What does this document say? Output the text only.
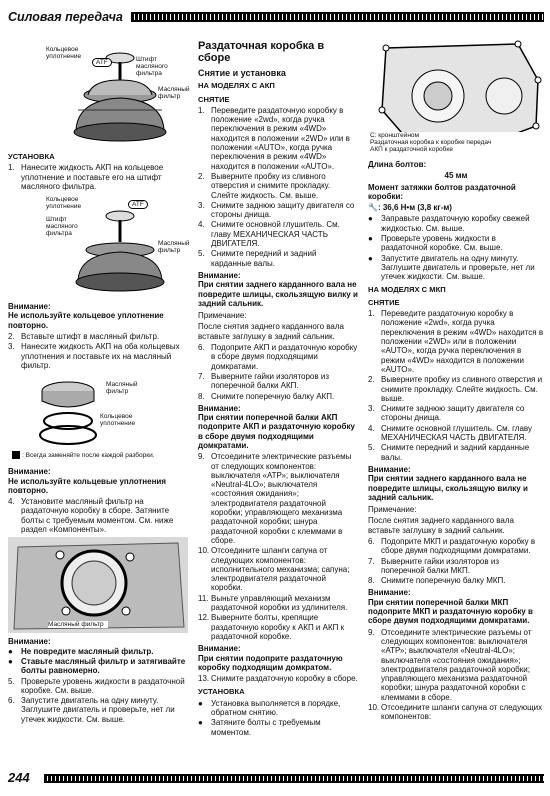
Силовая передача
Кольцевое уплотнение	Штифт масляного фильтра
Масляный фильтр
ATF
УСТАНОВКА
1. Нанесите жидкость АКП на кольцевое уплотнение и поставьте его на штифт масляного фильтра.
Кольцевое уплотнение
Штифт масляного фильтра
Масляный фильтр
ATF
Внимание:

Не используйте кольцевое уплотнение повторно.

2. Вставьте штифт в масляный фильтр.
3. Нанесите жидкость АКП на оба кольцевых уплотнения и поставьте их на масляный фильтр.
Масляный фильтр
Кольцевое уплотнение
: Всегда заменяйте после каждой разборки.
Внимание:

Не используйте кольцевые уплотнения повторно.

4. Установите масляный фильтр на раздаточную коробку в сборе. Затяните болты с требуемым моментом. См. ниже раздел «Компоненты».
Масляный фильтр
Внимание:
●	Не повредите масляный фильтр.
●	Ставьте масляный фильтр и затягивайте болты равномерно.
5. Проверьте уровень жидкости в раздаточной коробке. См. выше.
6. Запустите двигатель на одну минуту. Заглушите двигатель и проверьте, нет ли утечек жидкости. См. выше.
Раздаточная коробка в сборе
Снятие и установка
НА МОДЕЛЯХ С АКП
СНЯТИЕ
1. Переведите раздаточную коробку в положение «2wd», когда ручка переключения в режим «4WD» находится в положении «2WD» или в положении «AUTO», когда ручка переключения в режим «4WD» находится в положении «AUTO».
2. Выверните пробку из сливного отверстия и снимите прокладку. Слейте жидкость. См. выше.
3. Снимите заднюю защиту двигателя со стороны днища.
4. Снимите основной глушитель. См. главу МЕХАНИЧЕСКАЯ ЧАСТЬ ДВИГАТЕЛЯ.
5. Снимите передний и задний карданные валы.
Внимание:

При снятии заднего карданного вала не повредите шлицы, скользящую вилку и задний сальник.

Примечание:

После снятия заднего карданного вала вставьте заглушку в задний сальник.

6. Подоприте АКП и раздаточную коробку в сборе двумя подходящими домкратами.
7. Выверните гайки изоляторов из поперечной балки АКП.
8. Снимите поперечную балку АКП.
Внимание:

При снятии поперечной балки АКП подоприте АКП и раздаточную коробку в сборе двумя подходящими домкратами.

9. Отсоедините электрические разъемы от следующих компонентов: выключателя «АТР»; выключателя «Neutral-4LO»; выключателя «состояния ожидания»; электродвигателя раздаточной коробки; управляющего механизма раздаточной коробки; шнура раздаточной коробки с клеммами в сборе.
10. Отсоедините шланги сапуна от следующих компонентов: исполнительного механизма; сапуна; электродвигателя раздаточной коробки.
11. Выньте управляющий механизм раздаточной коробки из удлинителя.
12. Выверните болты, крепящие раздаточную коробку к АКП и АКП к раздаточной коробке.
Внимание:

При снятии подоприте раздаточную коробку подходящим домкратом.

13. Снимите раздаточную коробку в сборе.
УСТАНОВКА
●	Установка выполняется в порядке, обратном снятию.
●	Затяните болты с требуемым моментом.
С: кронштейном
Раздаточная коробка к коробке передач
АКП к раздаточной коробке

Длина болтов:

45 мм

Момент затяжки болтов раздаточной коробки:

🔧: 36,6 Н•м (3,8 кг-м)

●	Заправьте раздаточную коробку свежей жидкостью. См. выше.
●	Проверьте уровень жидкости в раздаточной коробке. См. выше.
●	Запустите двигатель на одну минуту. Заглушите двигатель и проверьте, нет ли утечек жидкости. См. выше.
НА МОДЕЛЯХ С МКП
СНЯТИЕ
1. Переведите раздаточную коробку в положение «2wd», когда ручка переключения в режим «4WD» находится в положении «2WD» или в положении «AUTO», когда ручка переключения в режим «4WD» находится в положении «AUTO».
2. Выверните пробку из сливного отверстия и снимите прокладку. Слейте жидкость. См. выше.
3. Снимите заднюю защиту двигателя со стороны днища.
4. Снимите основной глушитель. См. главу МЕХАНИЧЕСКАЯ ЧАСТЬ ДВИГАТЕЛЯ.
5. Снимите передний и задний карданные валы.
Внимание:

При снятии заднего карданного вала не повредите шлицы, скользящую вилку и задний сальник.

Примечание:

После снятия заднего карданного вала вставьте заглушку в задний сальник.

6. Подоприте МКП и раздаточную коробку в сборе двумя подходящими домкратами.
7. Выверните гайки изоляторов из поперечной балки МКП.
8. Снимите поперечную балку МКП.
Внимание:

При снятии поперечной балки МКП подоприте МКП и раздаточную коробку в сборе двумя подходящими домкратами.

9. Отсоедините электрические разъемы от следующих компонентов: выключателя «АТР»; выключателя «Neutral-4LO»; выключателя «состояния ожидания»; электродвигателя раздаточной коробки; управляющего механизма раздаточной коробки; шнура раздаточной коробки с клеммами в сборе.
10. Отсоедините шланги сапуна от следующих компонентов:
244
